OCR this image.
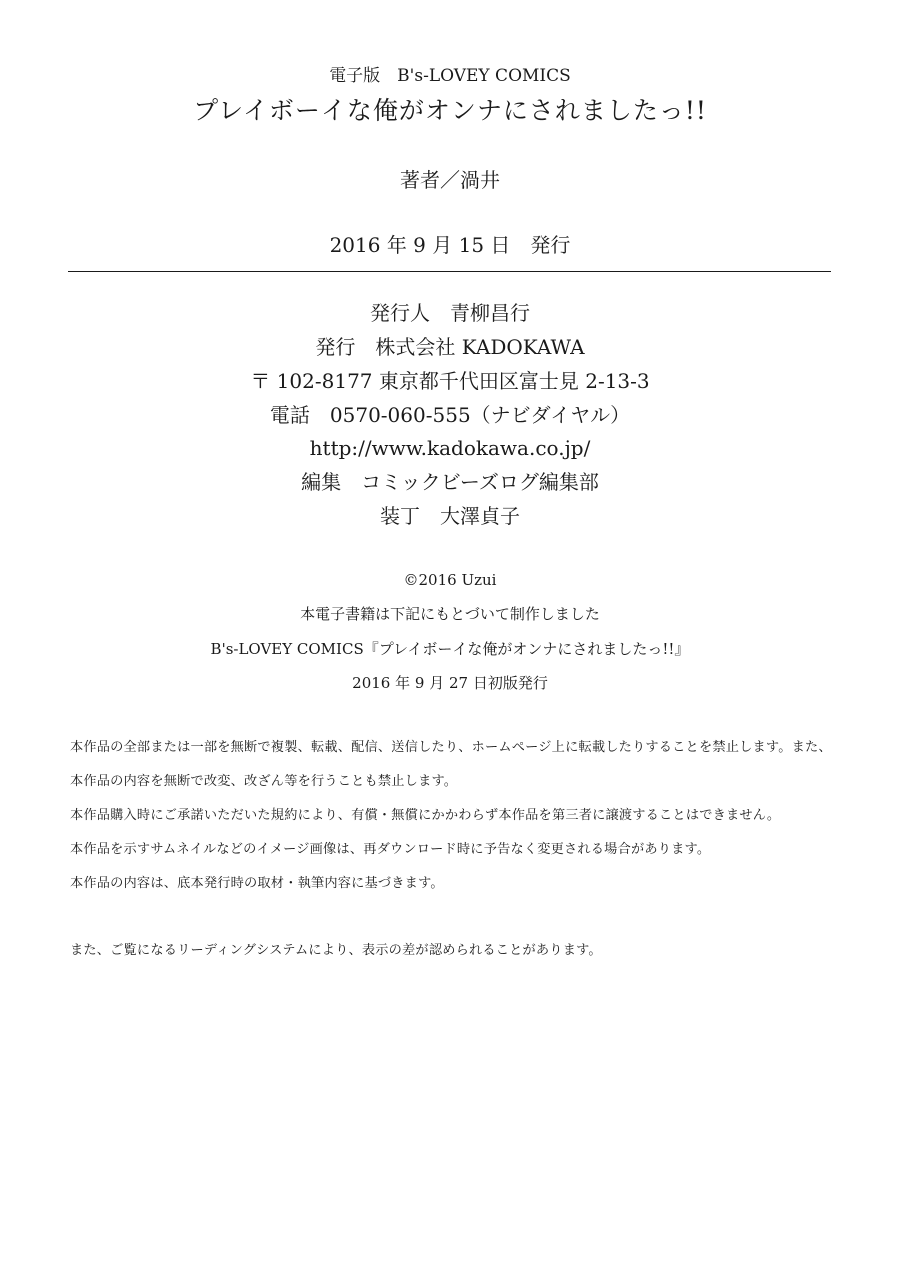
電子版　B's-LOVEY COMICS
プレイボーイな俺がオンナにされましたっ!!
著者／渦井
2016 年 9 月 15 日　発行
発行人　青柳昌行
発行　株式会社 KADOKAWA
〒 102-8177 東京都千代田区富士見 2-13-3
電話　0570-060-555（ナビダイヤル）
http://www.kadokawa.co.jp/
編集　コミックビーズログ編集部
装丁　大澤貞子
©2016 Uzui
本電子書籍は下記にもとづいて制作しました
B's-LOVEY COMICS『プレイボーイな俺がオンナにされましたっ!!』
2016 年 9 月 27 日初版発行
本作品の全部または一部を無断で複製、転載、配信、送信したり、ホームページ上に転載したりすることを禁止します。また、
本作品の内容を無断で改変、改ざん等を行うことも禁止します。
本作品購入時にご承諾いただいた規約により、有償・無償にかかわらず本作品を第三者に譲渡することはできません。
本作品を示すサムネイルなどのイメージ画像は、再ダウンロード時に予告なく変更される場合があります。
本作品の内容は、底本発行時の取材・執筆内容に基づきます。
また、ご覧になるリーディングシステムにより、表示の差が認められることがあります。
